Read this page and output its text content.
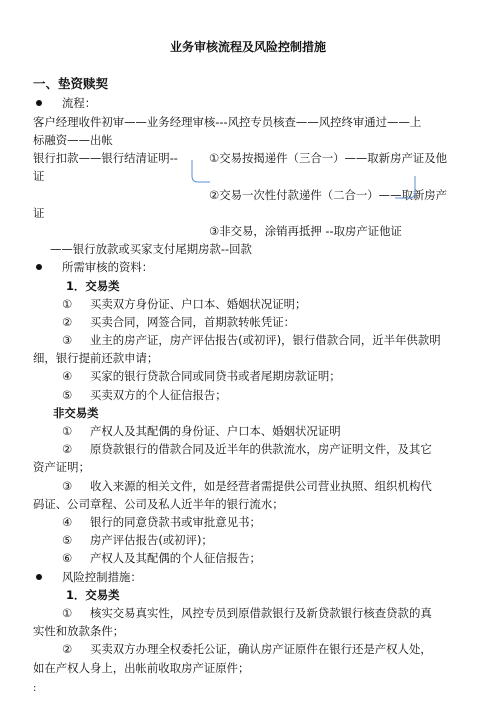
业务审核流程及风险控制措施
一、垫资赎契
流程：
客户经理收件初审——业务经理审核---风控专员核查——风控终审通过——上
标融资——出帐
银行扣款——银行结清证明--	①交易按揭递件（三合一）——取新房产证及他
证
②交易一次性付款递件（二合一）——取新房产
证
③非交易，涂销再抵押 --取房产证他证
——银行放款或买家支付尾期房款--回款
所需审核的资料：
1．交易类
① 买卖双方身份证、户口本、婚姻状况证明；
② 买卖合同，网签合同，首期款转帐凭证：
③ 业主的房产证，房产评估报告(或初评)，银行借款合同，近半年供款明
细，银行提前还款申请；
④ 买家的银行贷款合同或同贷书或者尾期房款证明；
⑤ 买卖双方的个人征信报告；
非交易类
① 产权人及其配偶的身份证、户口本、婚姻状况证明
② 原贷款银行的借款合同及近半年的供款流水，房产证明文件，及其它
资产证明；
③ 收入来源的相关文件，如是经营者需提供公司营业执照、组织机构代
码证、公司章程、公司及私人近半年的银行流水；
④ 银行的同意贷款书或审批意见书；
⑤ 房产评估报告(或初评)；
⑥ 产权人及其配偶的个人征信报告；
风险控制措施：
1．交易类
① 核实交易真实性，风控专员到原借款银行及新贷款银行核查贷款的真
实性和放款条件；
② 买卖双方办理全权委托公证，确认房产证原件在银行还是产权人处，
如在产权人身上，出帐前收取房产证原件；
:
